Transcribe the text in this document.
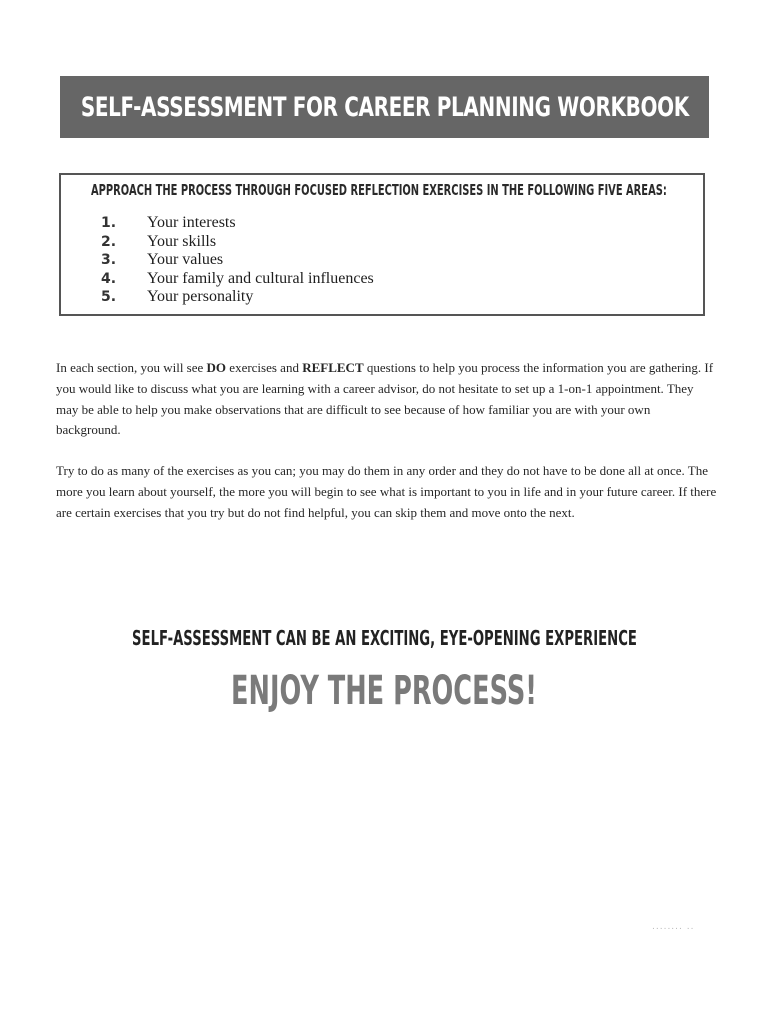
SELF-ASSESSMENT FOR CAREER PLANNING WORKBOOK
APPROACH THE PROCESS THROUGH FOCUSED REFLECTION EXERCISES IN THE FOLLOWING FIVE AREAS:
1. Your interests
2. Your skills
3. Your values
4. Your family and cultural influences
5. Your personality

In each section, you will see DO exercises and REFLECT questions to help you process the information you are gathering. If you would like to discuss what you are learning with a career advisor, do not hesitate to set up a 1-on-1 appointment. They may be able to help you make observations that are difficult to see because of how familiar you are with your own background.

Try to do as many of the exercises as you can; you may do them in any order and they do not have to be done all at once. The more you learn about yourself, the more you will begin to see what is important to you in life and in your future career. If there are certain exercises that you try but do not find helpful, you can skip them and move onto the next.

SELF-ASSESSMENT CAN BE AN EXCITING, EYE-OPENING EXPERIENCE
ENJOY THE PROCESS!
........ ..
